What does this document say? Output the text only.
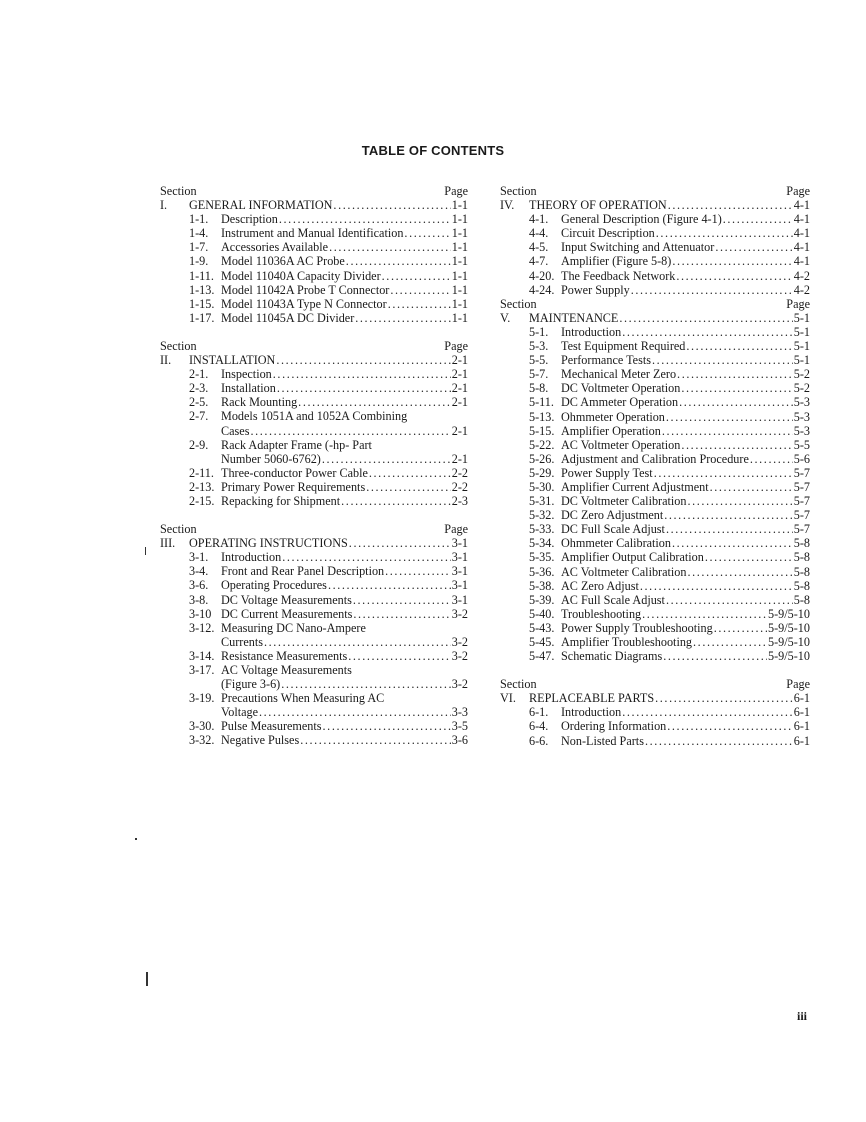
TABLE OF CONTENTS
Section	Page
I.	GENERAL INFORMATION .....	1-1
1-1.	Description .....	1-1
1-4.	Instrument and Manual Identification .....	1-1
1-7.	Accessories Available .....	1-1
1-9.	Model 11036A AC Probe .....	1-1
1-11. Model 11040A Capacity Divider .....	1-1
1-13. Model 11042A Probe T Connector .....	1-1
1-15. Model 11043A Type N Connector .....	1-1
1-17. Model 11045A DC Divider .....	1-1
Section	Page
II.	INSTALLATION .....	2-1
2-1.	Inspection .....	2-1
2-3.	Installation .....	2-1
2-5.	Rack Mounting .....	2-1
2-7.	Models 1051A and 1052A Combining
Cases .....	2-1
2-9.	Rack Adapter Frame (-hp- Part
Number 5060-6762) .....	2-1
2-11. Three-conductor Power Cable .....	2-2
2-13. Primary Power Requirements .....	2-2
2-15. Repacking for Shipment .....	2-3
Section	Page
III.	OPERATING INSTRUCTIONS .....	3-1
3-1.	Introduction .....	3-1
3-4.	Front and Rear Panel Description .....	3-1
3-6.	Operating Procedures .....	3-1
3-8.	DC Voltage Measurements .....	3-1
3-10 DC Current Measurements .....	3-2
3-12. Measuring DC Nano-Ampere
Currents .....	3-2
3-14. Resistance Measurements .....	3-2
3-17. AC Voltage Measurements
(Figure 3-6) .....	3-2
3-19. Precautions When Measuring AC
Voltage .....	3-3
3-30. Pulse Measurements .....	3-5
3-32. Negative Pulses .....	3-6
Section	Page
IV.	THEORY OF OPERATION .....	4-1
4-1.	General Description (Figure 4-1) .....	4-1
4-4.	Circuit Description .....	4-1
4-5.	Input Switching and Attenuator .....	4-1
4-7.	Amplifier (Figure 5-8) .....	4-1
4-20. The Feedback Network .....	4-2
4-24. Power Supply .....	4-2
Section	Page
V.	MAINTENANCE .....	5-1
5-1.	Introduction .....	5-1
5-3.	Test Equipment Required .....	5-1
5-5.	Performance Tests .....	5-1
5-7.	Mechanical Meter Zero .....	5-2
5-8.	DC Voltmeter Operation .....	5-2
5-11. DC Ammeter Operation .....	5-3
5-13. Ohmmeter Operation .....	5-3
5-15. Amplifier Operation .....	5-3
5-22. AC Voltmeter Operation .....	5-5
5-26. Adjustment and Calibration Procedure .....	5-6
5-29. Power Supply Test .....	5-7
5-30. Amplifier Current Adjustment .....	5-7
5-31. DC Voltmeter Calibration .....	5-7
5-32. DC Zero Adjustment .....	5-7
5-33. DC Full Scale Adjust .....	5-7
5-34. Ohmmeter Calibration .....	5-8
5-35. Amplifier Output Calibration .....	5-8
5-36. AC Voltmeter Calibration .....	5-8
5-38. AC Zero Adjust .....	5-8
5-39. AC Full Scale Adjust .....	5-8
5-40. Troubleshooting .....	5-9/5-10
5-43. Power Supply Troubleshooting .....	5-9/5-10
5-45. Amplifier Troubleshooting .....	5-9/5-10
5-47. Schematic Diagrams .....	5-9/5-10
Section	Page
VI.	REPLACEABLE PARTS .....	6-1
6-1.	Introduction .....	6-1
6-4.	Ordering Information .....	6-1
6-6.	Non-Listed Parts .....	6-1
iii
